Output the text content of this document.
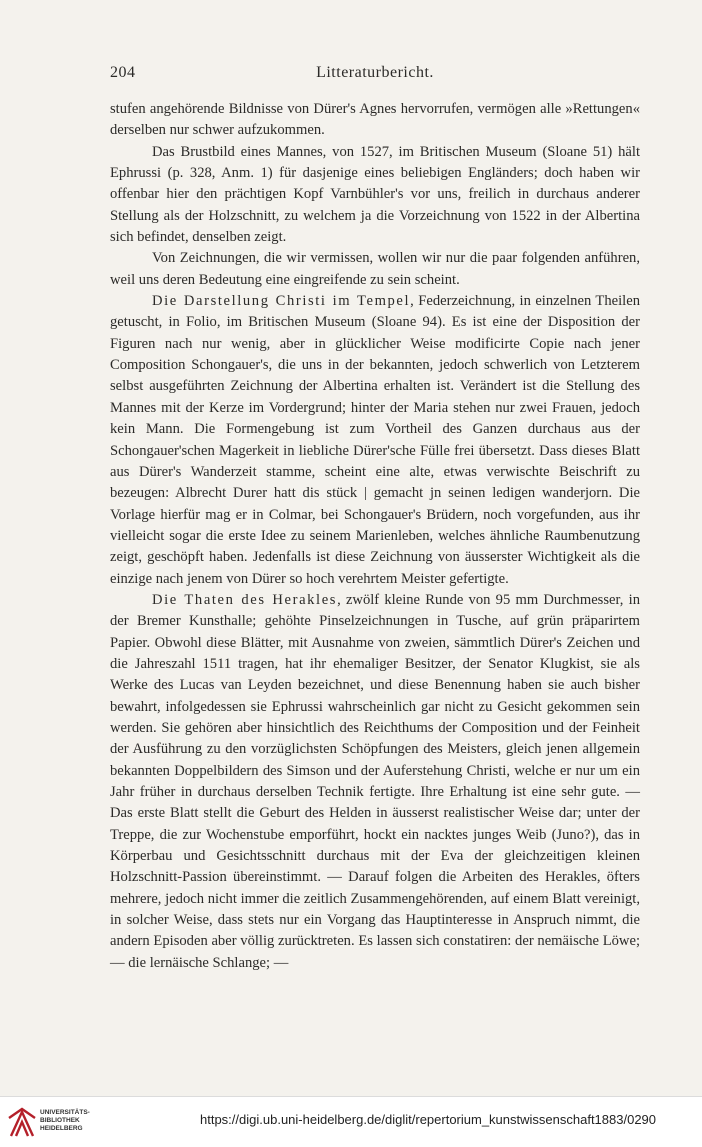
204	Litteraturbericht.

stufen angehörende Bildnisse von Dürer's Agnes hervorrufen, vermögen alle »Rettungen« derselben nur schwer aufzukommen.

Das Brustbild eines Mannes, von 1527, im Britischen Museum (Sloane 51) hält Ephrussi (p. 328, Anm. 1) für dasjenige eines beliebigen Engländers; doch haben wir offenbar hier den prächtigen Kopf Varnbühler's vor uns, freilich in durchaus anderer Stellung als der Holzschnitt, zu welchem ja die Vorzeichnung von 1522 in der Albertina sich befindet, denselben zeigt.

Von Zeichnungen, die wir vermissen, wollen wir nur die paar folgenden anführen, weil uns deren Bedeutung eine eingreifende zu sein scheint.

Die Darstellung Christi im Tempel, Federzeichnung, in einzelnen Theilen getuscht, in Folio, im Britischen Museum (Sloane 94). Es ist eine der Disposition der Figuren nach nur wenig, aber in glücklicher Weise modificirte Copie nach jener Composition Schongauer's, die uns in der bekannten, jedoch schwerlich von Letzterem selbst ausgeführten Zeichnung der Albertina erhalten ist. Verändert ist die Stellung des Mannes mit der Kerze im Vordergrund; hinter der Maria stehen nur zwei Frauen, jedoch kein Mann. Die Formengebung ist zum Vortheil des Ganzen durchaus aus der Schongauer'schen Magerkeit in liebliche Dürer'sche Fülle frei übersetzt. Dass dieses Blatt aus Dürer's Wanderzeit stamme, scheint eine alte, etwas verwischte Beischrift zu bezeugen: Albrecht Durer hatt dis stück | gemacht jn seinen ledigen wanderjorn. Die Vorlage hierfür mag er in Colmar, bei Schongauer's Brüdern, noch vorgefunden, aus ihr vielleicht sogar die erste Idee zu seinem Marienleben, welches ähnliche Raumbenutzung zeigt, geschöpft haben. Jedenfalls ist diese Zeichnung von äusserster Wichtigkeit als die einzige nach jenem von Dürer so hoch verehrtem Meister gefertigte.

Die Thaten des Herakles, zwölf kleine Runde von 95 mm Durchmesser, in der Bremer Kunsthalle; gehöhte Pinselzeichnungen in Tusche, auf grün präparirtem Papier. Obwohl diese Blätter, mit Ausnahme von zweien, sämmtlich Dürer's Zeichen und die Jahreszahl 1511 tragen, hat ihr ehemaliger Besitzer, der Senator Klugkist, sie als Werke des Lucas van Leyden bezeichnet, und diese Benennung haben sie auch bisher bewahrt, infolgedessen sie Ephrussi wahrscheinlich gar nicht zu Gesicht gekommen sein werden. Sie gehören aber hinsichtlich des Reichthums der Composition und der Feinheit der Ausführung zu den vorzüglichsten Schöpfungen des Meisters, gleich jenen allgemein bekannten Doppelbildern des Simson und der Auferstehung Christi, welche er nur um ein Jahr früher in durchaus derselben Technik fertigte. Ihre Erhaltung ist eine sehr gute. — Das erste Blatt stellt die Geburt des Helden in äusserst realistischer Weise dar; unter der Treppe, die zur Wochenstube emporführt, hockt ein nacktes junges Weib (Juno?), das in Körperbau und Gesichtsschnitt durchaus mit der Eva der gleichzeitigen kleinen Holzschnitt-Passion übereinstimmt. — Darauf folgen die Arbeiten des Herakles, öfters mehrere, jedoch nicht immer die zeitlich Zusammengehörenden, auf einem Blatt vereinigt, in solcher Weise, dass stets nur ein Vorgang das Hauptinteresse in Anspruch nimmt, die andern Episoden aber völlig zurücktreten. Es lassen sich constatiren: der nemäische Löwe; — die lernäische Schlange; —

UNIVERSITÄTS-
BIBLIOTHEK
HEIDELBERG
https://digi.ub.uni-heidelberg.de/diglit/repertorium_kunstwissenschaft1883/0290
